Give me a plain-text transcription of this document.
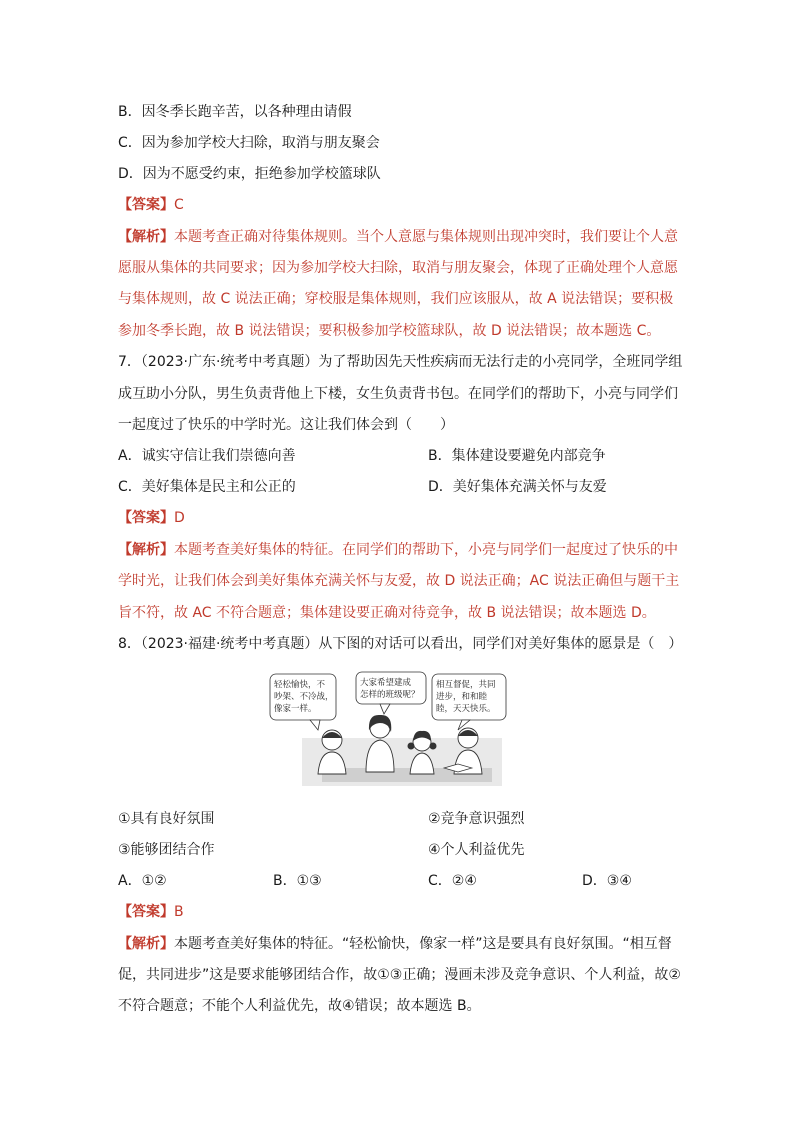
B．因冬季长跑辛苦，以各种理由请假
C．因为参加学校大扫除，取消与朋友聚会
D．因为不愿受约束，拒绝参加学校篮球队
【答案】C
【解析】本题考查正确对待集体规则。当个人意愿与集体规则出现冲突时，我们要让个人意
愿服从集体的共同要求；因为参加学校大扫除，取消与朋友聚会，体现了正确处理个人意愿
与集体规则，故 C 说法正确；穿校服是集体规则，我们应该服从，故 A 说法错误；要积极
参加冬季长跑，故 B 说法错误；要积极参加学校篮球队，故 D 说法错误；故本题选 C。
7．（2023·广东·统考中考真题）为了帮助因先天性疾病而无法行走的小亮同学，全班同学组
成互助小分队，男生负责背他上下楼，女生负责背书包。在同学们的帮助下，小亮与同学们
一起度过了快乐的中学时光。这让我们体会到（　　）
A．诚实守信让我们崇德向善	B．集体建设要避免内部竞争
C．美好集体是民主和公正的	D．美好集体充满关怀与友爱
【答案】D
【解析】本题考查美好集体的特征。在同学们的帮助下，小亮与同学们一起度过了快乐的中
学时光，让我们体会到美好集体充满关怀与友爱，故 D 说法正确；AC 说法正确但与题干主
旨不符，故 AC 不符合题意；集体建设要正确对待竞争，故 B 说法错误；故本题选 D。
8．（2023·福建·统考中考真题）从下图的对话可以看出，同学们对美好集体的愿景是（　）
轻松愉快，不
吵架、不冷战，
像家一样。
大家希望建成
怎样的班级呢？
相互督促，共同
进步，和和睦
睦，天天快乐。
①具有良好氛围	②竞争意识强烈
③能够团结合作	④个人利益优先
A．①②	B．①③	C．②④	D．③④
【答案】B
【解析】本题考查美好集体的特征。“轻松愉快，像家一样”这是要具有良好氛围。“相互督
促，共同进步”这是要求能够团结合作，故①③正确；漫画未涉及竞争意识、个人利益，故②
不符合题意；不能个人利益优先，故④错误；故本题选 B。
